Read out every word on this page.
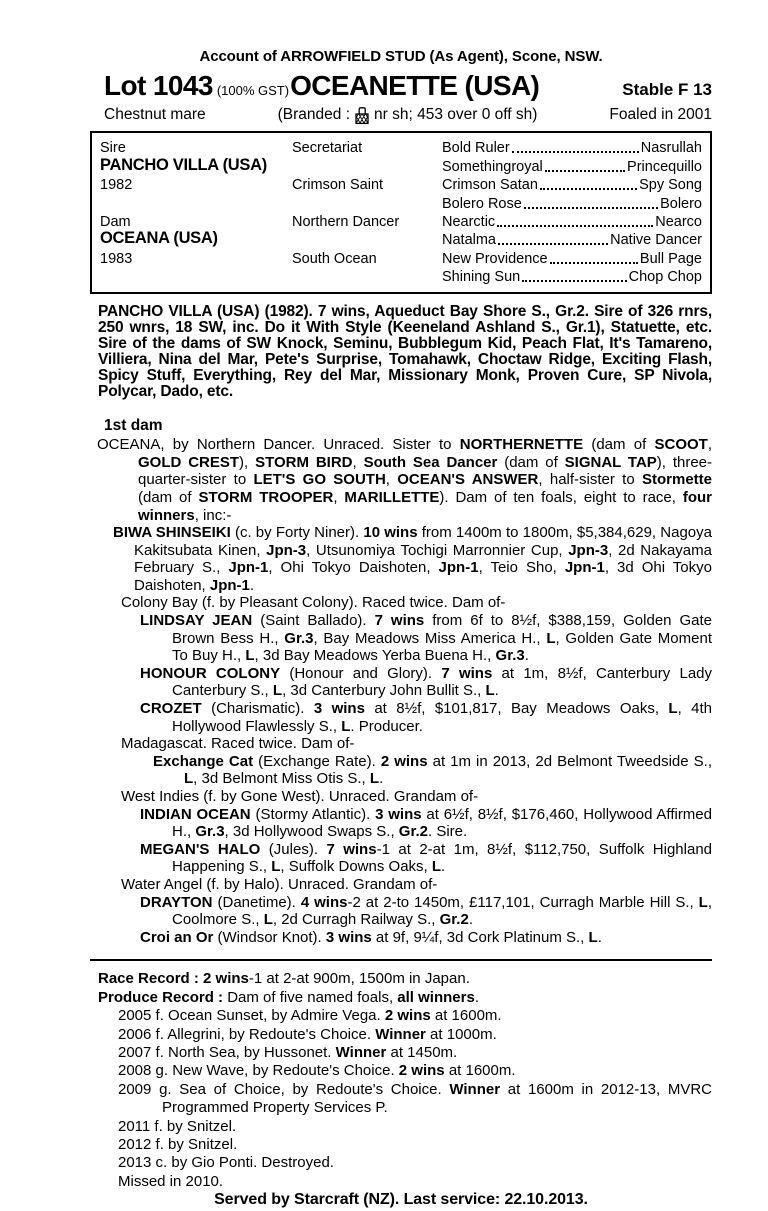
Account of ARROWFIELD STUD (As Agent), Scone, NSW.
Lot 1043 (100% GST) OCEANETTE (USA)	Stable F 13
Chestnut mare	(Branded : nr sh; 453 over 0 off sh)	Foaled in 2001
Sire	Secretariat	Bold Ruler	Nasrullah
PANCHO VILLA (USA)	Somethingroyal	Princequillo
1982	Crimson Saint	Crimson Satan	Spy Song
Bolero Rose	Bolero
Dam	Northern Dancer	Nearctic	Nearco
OCEANA (USA)	Natalma	Native Dancer
1983	South Ocean	New Providence	Bull Page
Shining Sun	Chop Chop

PANCHO VILLA (USA) (1982). 7 wins, Aqueduct Bay Shore S., Gr.2. Sire of 326 rnrs, 250 wnrs, 18 SW, inc. Do it With Style (Keeneland Ashland S., Gr.1), Statuette, etc. Sire of the dams of SW Knock, Seminu, Bubblegum Kid, Peach Flat, It's Tamareno, Villiera, Nina del Mar, Pete's Surprise, Tomahawk, Choctaw Ridge, Exciting Flash, Spicy Stuff, Everything, Rey del Mar, Missionary Monk, Proven Cure, SP Nivola, Polycar, Dado, etc.

1st dam

OCEANA, by Northern Dancer. Unraced. Sister to NORTHERNETTE (dam of SCOOT, GOLD CREST), STORM BIRD, South Sea Dancer (dam of SIGNAL TAP), three-quarter-sister to LET'S GO SOUTH, OCEAN'S ANSWER, half-sister to Stormette (dam of STORM TROOPER, MARILLETTE). Dam of ten foals, eight to race, four winners, inc:-

BIWA SHINSEIKI (c. by Forty Niner). 10 wins from 1400m to 1800m, $5,384,629, Nagoya Kakitsubata Kinen, Jpn-3, Utsunomiya Tochigi Marronnier Cup, Jpn-3, 2d Nakayama February S., Jpn-1, Ohi Tokyo Daishoten, Jpn-1, Teio Sho, Jpn-1, 3d Ohi Tokyo Daishoten, Jpn-1.

Colony Bay (f. by Pleasant Colony). Raced twice. Dam of-

LINDSAY JEAN (Saint Ballado). 7 wins from 6f to 8½f, $388,159, Golden Gate Brown Bess H., Gr.3, Bay Meadows Miss America H., L, Golden Gate Moment To Buy H., L, 3d Bay Meadows Yerba Buena H., Gr.3.

HONOUR COLONY (Honour and Glory). 7 wins at 1m, 8½f, Canterbury Lady Canterbury S., L, 3d Canterbury John Bullit S., L.

CROZET (Charismatic). 3 wins at 8½f, $101,817, Bay Meadows Oaks, L, 4th Hollywood Flawlessly S., L. Producer.

Madagascat. Raced twice. Dam of-

Exchange Cat (Exchange Rate). 2 wins at 1m in 2013, 2d Belmont Tweedside S., L, 3d Belmont Miss Otis S., L.

West Indies (f. by Gone West). Unraced. Grandam of-

INDIAN OCEAN (Stormy Atlantic). 3 wins at 6½f, 8½f, $176,460, Hollywood Affirmed H., Gr.3, 3d Hollywood Swaps S., Gr.2. Sire.

MEGAN'S HALO (Jules). 7 wins-1 at 2-at 1m, 8½f, $112,750, Suffolk Highland Happening S., L, Suffolk Downs Oaks, L.

Water Angel (f. by Halo). Unraced. Grandam of-

DRAYTON (Danetime). 4 wins-2 at 2-to 1450m, £117,101, Curragh Marble Hill S., L, Coolmore S., L, 2d Curragh Railway S., Gr.2.

Croi an Or (Windsor Knot). 3 wins at 9f, 9¼f, 3d Cork Platinum S., L.

Race Record : 2 wins-1 at 2-at 900m, 1500m in Japan.

Produce Record : Dam of five named foals, all winners.

2005 f. Ocean Sunset, by Admire Vega. 2 wins at 1600m.

2006 f. Allegrini, by Redoute's Choice. Winner at 1000m.

2007 f. North Sea, by Hussonet. Winner at 1450m.

2008 g. New Wave, by Redoute's Choice. 2 wins at 1600m.

2009 g. Sea of Choice, by Redoute's Choice. Winner at 1600m in 2012-13, MVRC Programmed Property Services P.

2011 f. by Snitzel.

2012 f. by Snitzel.

2013 c. by Gio Ponti. Destroyed.

Missed in 2010.

Served by Starcraft (NZ). Last service: 22.10.2013.
